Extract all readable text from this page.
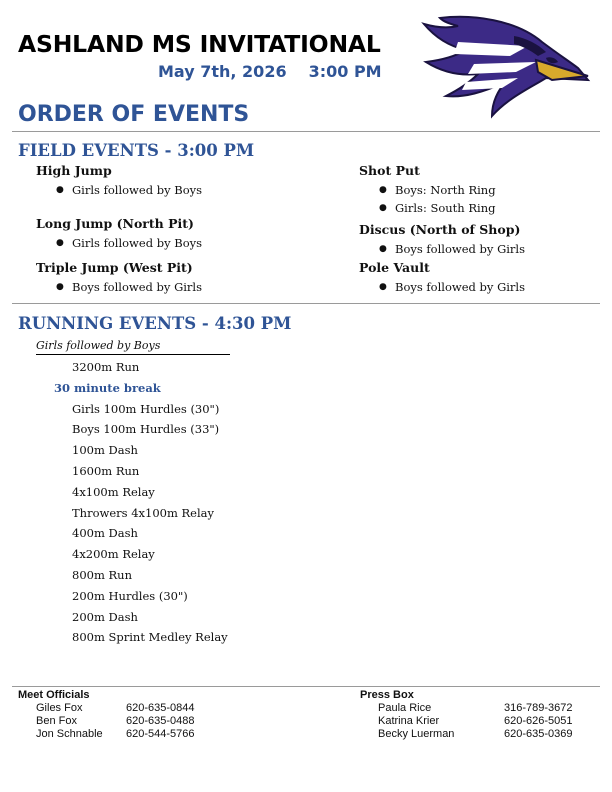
ASHLAND MS INVITATIONAL
May 7th, 2026 3:00 PM
ORDER OF EVENTS
FIELD EVENTS - 3:00 PM
High Jump
● Girls followed by Boys
Long Jump (North Pit)
● Girls followed by Boys
Triple Jump (West Pit)
● Boys followed by Girls
Shot Put
● Boys: North Ring
● Girls: South Ring
Discus (North of Shop)
● Boys followed by Girls
Pole Vault
● Boys followed by Girls
RUNNING EVENTS - 4:30 PM
Girls followed by Boys
3200m Run
30 minute break
Girls 100m Hurdles (30")
Boys 100m Hurdles (33")
100m Dash
1600m Run
4x100m Relay
Throwers 4x100m Relay
400m Dash
4x200m Relay
800m Run
200m Hurdles (30")
200m Dash
800m Sprint Medley Relay
Meet Officials
Giles Fox	620-635-0844
Ben Fox	620-635-0488
Jon Schnable 620-544-5766
Press Box
Paula Rice	316-789-3672
Katrina Krier	620-626-5051
Becky Luerman	620-635-0369
